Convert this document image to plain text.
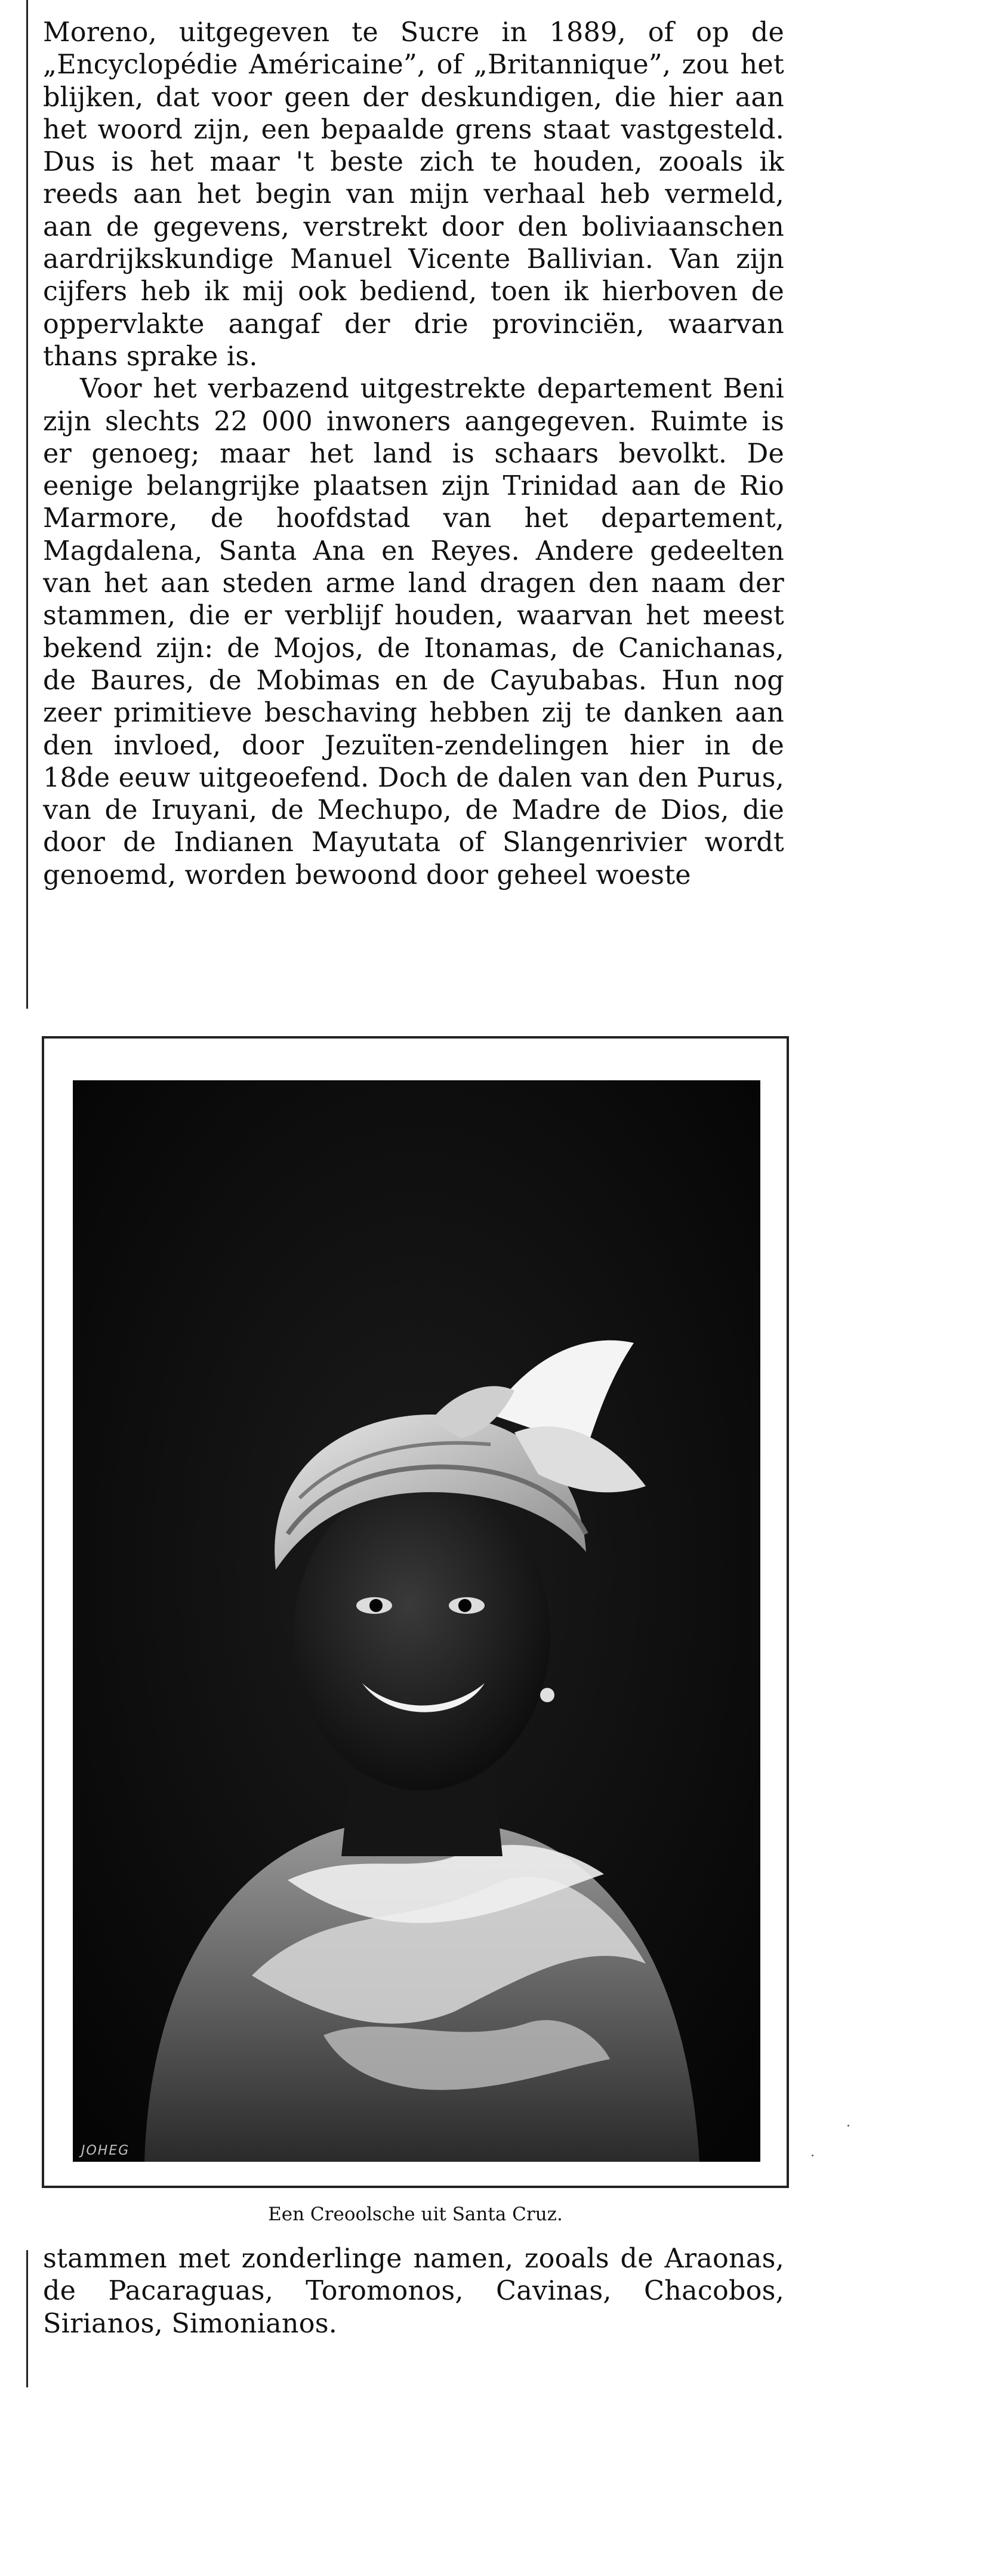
Moreno, uitgegeven te Sucre in 1889, of op de „Encyclopédie Américaine”, of „Britannique”, zou het blijken, dat voor geen der deskundigen, die hier aan het woord zijn, een bepaalde grens staat vastgesteld. Dus is het maar 't beste zich te houden, zooals ik reeds aan het begin van mijn verhaal heb vermeld, aan de gegevens, verstrekt door den boliviaanschen aardrijkskundige Manuel Vicente Ballivian. Van zijn cijfers heb ik mij ook bediend, toen ik hierboven de oppervlakte aangaf der drie provinciën, waarvan thans sprake is.

Voor het verbazend uitgestrekte departement Beni zijn slechts 22 000 inwoners aangegeven. Ruimte is er genoeg; maar het land is schaars bevolkt. De eenige belangrijke plaatsen zijn Trinidad aan de Rio Marmore, de hoofdstad van het departement, Magdalena, Santa Ana en Reyes. Andere gedeelten van het aan steden arme land dragen den naam der stammen, die er verblijf houden, waarvan het meest bekend zijn: de Mojos, de Itonamas, de Canichanas, de Baures, de Mobimas en de Cayubabas. Hun nog zeer primitieve beschaving hebben zij te danken aan den invloed, door Jezuïten-zendelingen hier in de 18de eeuw uitgeoefend. Doch de dalen van den Purus, van de Iruyani, de Mechupo, de Madre de Dios, die door de Indianen Mayutata of Slangenrivier wordt genoemd, worden bewoond door geheel woeste

JOHEG
Een Creoolsche uit Santa Cruz.

stammen met zonderlinge namen, zooals de Araonas, de Pacaraguas, Toromonos, Cavinas, Chacobos, Sirianos, Simonianos.
